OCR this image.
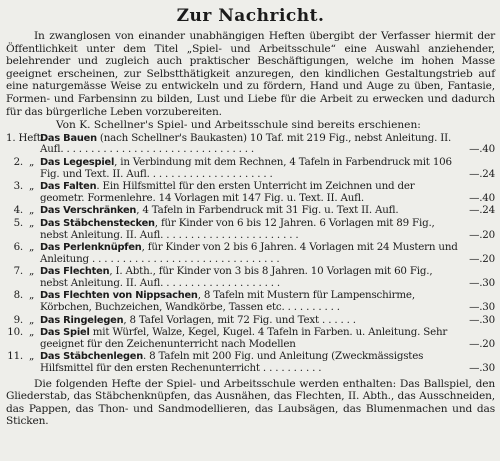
Zur Nachricht.

In zwanglosen von einander unabhängigen Heften übergibt der Verfasser hiermit der Öffentlichkeit unter dem Titel „Spiel- und Arbeitsschule“ eine Auswahl anziehender, belehrender und zugleich auch praktischer Beschäftigungen, welche im hohen Masse geeignet erscheinen, zur Selbstthätigkeit anzuregen, den kindlichen Gestaltungstrieb auf eine naturgemässe Weise zu entwickeln und zu fördern, Hand und Auge zu üben, Fantasie, Formen- und Farbensinn zu bilden, Lust und Liebe für die Arbeit zu erwecken und dadurch für das bürgerliche Leben vorzubereiten.

Von K. Schellner's Spiel- und Arbeitsschule sind bereits erschienen:

1. Heft:
Das Bauen (nach Schellner's Baukasten) 10 Taf. mit 219 Fig., nebst Anleitung. II. Aufl. . . . . . . . . . . . . . . . . . . . . . . . . . . . . . . .	—.40
2. „ Das Legespiel, in Verbindung mit dem Rechnen, 4 Tafeln in Farbendruck mit 106 Fig. und Text. II. Aufl. . . . . . . . . . . . . . . . . . . . .	—.24
3. „ Das Falten. Ein Hilfsmittel für den ersten Unterricht im Zeichnen und der geometr. Formenlehre. 14 Vorlagen mit 147 Fig. u. Text. II. Aufl.	—.40
4. „ Das Verschränken, 4 Tafeln in Farbendruck mit 31 Fig. u. Text II. Aufl.	—.24
5. „ Das Stäbchenstecken, für Kinder von 6 bis 12 Jahren. 6 Vorlagen mit 89 Fig., nebst Anleitung. II. Aufl. . . . . . . . . . . . . . . . . . . . . . .	—.20
6. „ Das Perlenknüpfen, für Kinder von 2 bis 6 Jahren. 4 Vorlagen mit 24 Mustern und Anleitung . . . . . . . . . . . . . . . . . . . . . . . . . . . . . . .	—.20
7. „ Das Flechten, I. Abth., für Kinder von 3 bis 8 Jahren. 10 Vorlagen mit 60 Fig., nebst Anleitung. II. Aufl. . . . . . . . . . . . . . . . . . . .	—.30
8. „ Das Flechten von Nippsachen, 8 Tafeln mit Mustern für Lampenschirme, Körbchen, Buchzeichen, Wandkörbe, Tassen etc. . . . . . . . . .	—.30
9. „ Das Ringelegen, 8 Tafel Vorlagen, mit 72 Fig. und Text . . . . . .	—.30
10. „ Das Spiel mit Würfel, Walze, Kegel, Kugel. 4 Tafeln in Farben. u. Anleitung. Sehr geeignet für den Zeichenunterricht nach Modellen	—.20
11. „ Das Stäbchenlegen. 8 Tafeln mit 200 Fig. und Anleitung (Zweckmässigstes Hilfsmittel für den ersten Rechenunterricht . . . . . . . . . .	—.30

Die folgenden Hefte der Spiel- und Arbeitsschule werden enthalten: Das Ballspiel, den Gliederstab, das Stäbchenknüpfen, das Ausnähen, das Flechten, II. Abth., das Ausschneiden, das Pappen, das Thon- und Sandmodellieren, das Laubsägen, das Blumenmachen und das Sticken.
